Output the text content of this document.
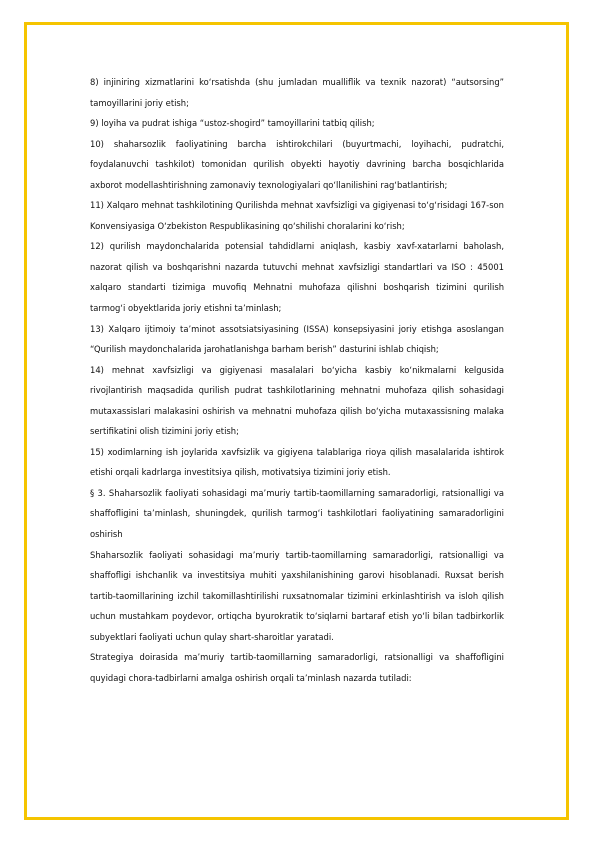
8) injiniring xizmatlarini ko‘rsatishda (shu jumladan mualliflik va texnik nazorat) “autsorsing” tamoyillarini joriy etish;

9) loyiha va pudrat ishiga “ustoz-shogird” tamoyillarini tatbiq qilish;

10) shaharsozlik faoliyatining barcha ishtirokchilari (buyurtmachi, loyihachi, pudratchi, foydalanuvchi tashkilot) tomonidan qurilish obyekti hayotiy davrining barcha bosqichlarida axborot modellashtirishning zamonaviy texnologiyalari qo‘llanilishini rag‘batlantirish;

11) Xalqaro mehnat tashkilotining Qurilishda mehnat xavfsizligi va gigiyenasi to‘g‘risidagi 167-son Konvensiyasiga O‘zbekiston Respublikasining qo‘shilishi choralarini ko‘rish;

12) qurilish maydonchalarida potensial tahdidlarni aniqlash, kasbiy xavf-xatarlarni baholash, nazorat qilish va boshqarishni nazarda tutuvchi mehnat xavfsizligi standartlari va ISO : 45001 xalqaro standarti tizimiga muvofiq Mehnatni muhofaza qilishni boshqarish tizimini qurilish tarmog‘i obyektlarida joriy etishni ta’minlash;

13) Xalqaro ijtimoiy ta’minot assotsiatsiyasining (ISSA) konsepsiyasini joriy etishga asoslangan “Qurilish maydonchalarida jarohatlanishga barham berish” dasturini ishlab chiqish;

14) mehnat xavfsizligi va gigiyenasi masalalari bo‘yicha kasbiy ko‘nikmalarni kelgusida rivojlantirish maqsadida qurilish pudrat tashkilotlarining mehnatni muhofaza qilish sohasidagi mutaxassislari malakasini oshirish va mehnatni muhofaza qilish bo‘yicha mutaxassisning malaka sertifikatini olish tizimini joriy etish;

15) xodimlarning ish joylarida xavfsizlik va gigiyena talablariga rioya qilish masalalarida ishtirok etishi orqali kadrlarga investitsiya qilish, motivatsiya tizimini joriy etish.

§ 3. Shaharsozlik faoliyati sohasidagi ma’muriy tartib-taomillarning samaradorligi, ratsionalligi va shaffofligini ta’minlash, shuningdek, qurilish tarmog‘i tashkilotlari faoliyatining samaradorligini oshirish

Shaharsozlik faoliyati sohasidagi ma’muriy tartib-taomillarning samaradorligi, ratsionalligi va shaffofligi ishchanlik va investitsiya muhiti yaxshilanishining garovi hisoblanadi. Ruxsat berish tartib-taomillarining izchil takomillashtirilishi ruxsatnomalar tizimini erkinlashtirish va isloh qilish uchun mustahkam poydevor, ortiqcha byurokratik to‘siqlarni bartaraf etish yo‘li bilan tadbirkorlik subyektlari faoliyati uchun qulay shart-sharoitlar yaratadi.

Strategiya doirasida ma’muriy tartib-taomillarning samaradorligi, ratsionalligi va shaffofligini quyidagi chora-tadbirlarni amalga oshirish orqali ta’minlash nazarda tutiladi:
